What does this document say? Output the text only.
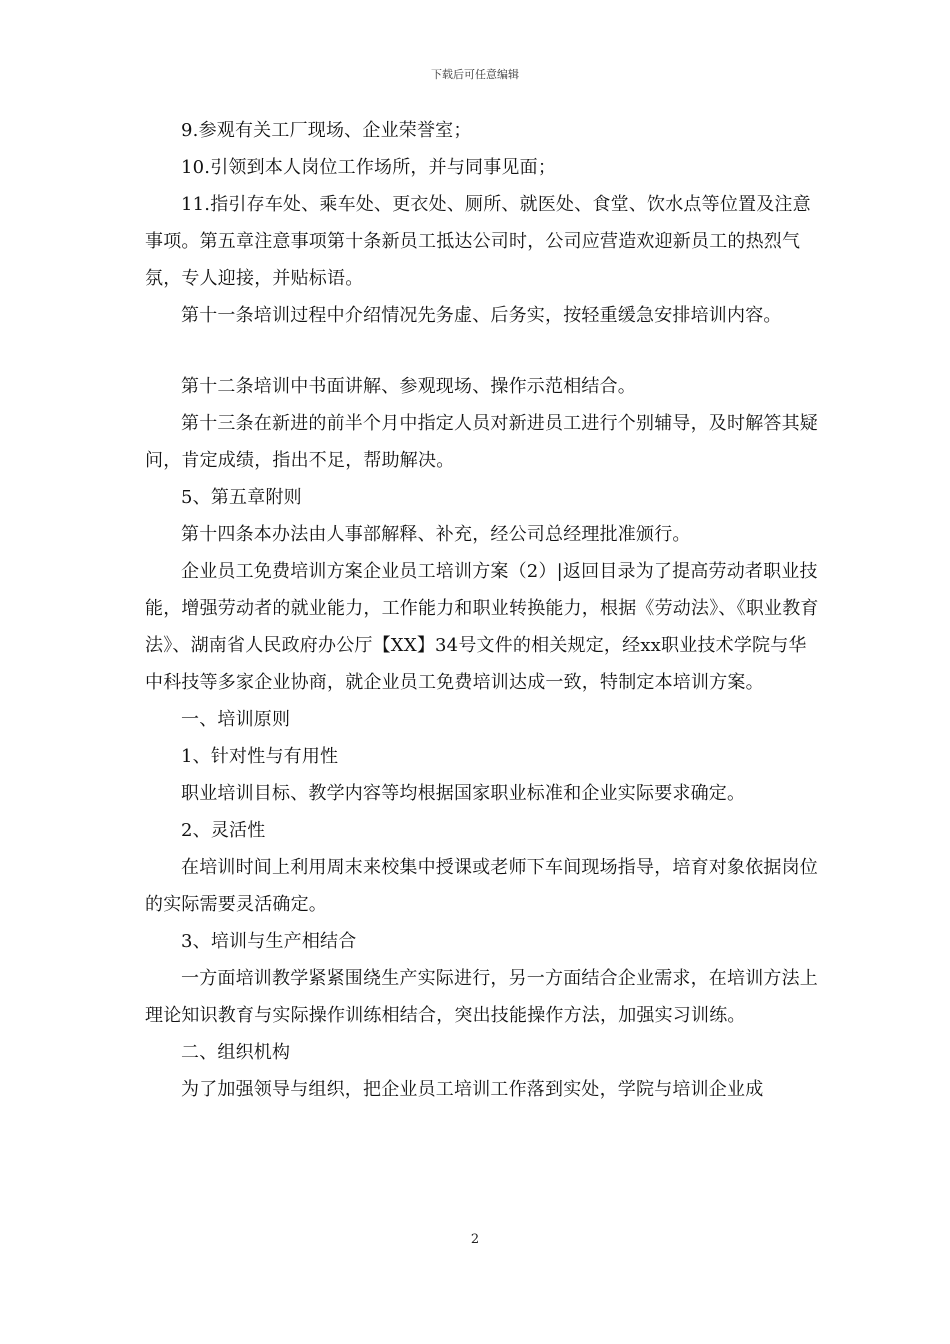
下载后可任意编辑

9.参观有关工厂现场、企业荣誉室；

10.引领到本人岗位工作场所，并与同事见面；

11.指引存车处、乘车处、更衣处、厕所、就医处、食堂、饮水点等位置及注意事项。第五章注意事项第十条新员工抵达公司时，公司应营造欢迎新员工的热烈气氛，专人迎接，并贴标语。

第十一条培训过程中介绍情况先务虚、后务实，按轻重缓急安排培训内容。

第十二条培训中书面讲解、参观现场、操作示范相结合。

第十三条在新进的前半个月中指定人员对新进员工进行个别辅导，及时解答其疑问，肯定成绩，指出不足，帮助解决。

5、第五章附则

第十四条本办法由人事部解释、补充，经公司总经理批准颁行。

企业员工免费培训方案企业员工培训方案（2）|返回目录为了提高劳动者职业技能，增强劳动者的就业能力，工作能力和职业转换能力，根据《劳动法》、《职业教育法》、湖南省人民政府办公厅【XX】34号文件的相关规定，经xx职业技术学院与华中科技等多家企业协商，就企业员工免费培训达成一致，特制定本培训方案。

一、培训原则

1、针对性与有用性

职业培训目标、教学内容等均根据国家职业标准和企业实际要求确定。

2、灵活性

在培训时间上利用周末来校集中授课或老师下车间现场指导，培育对象依据岗位的实际需要灵活确定。

3、培训与生产相结合

一方面培训教学紧紧围绕生产实际进行，另一方面结合企业需求，在培训方法上理论知识教育与实际操作训练相结合，突出技能操作方法，加强实习训练。

二、组织机构

为了加强领导与组织，把企业员工培训工作落到实处，学院与培训企业成

2
